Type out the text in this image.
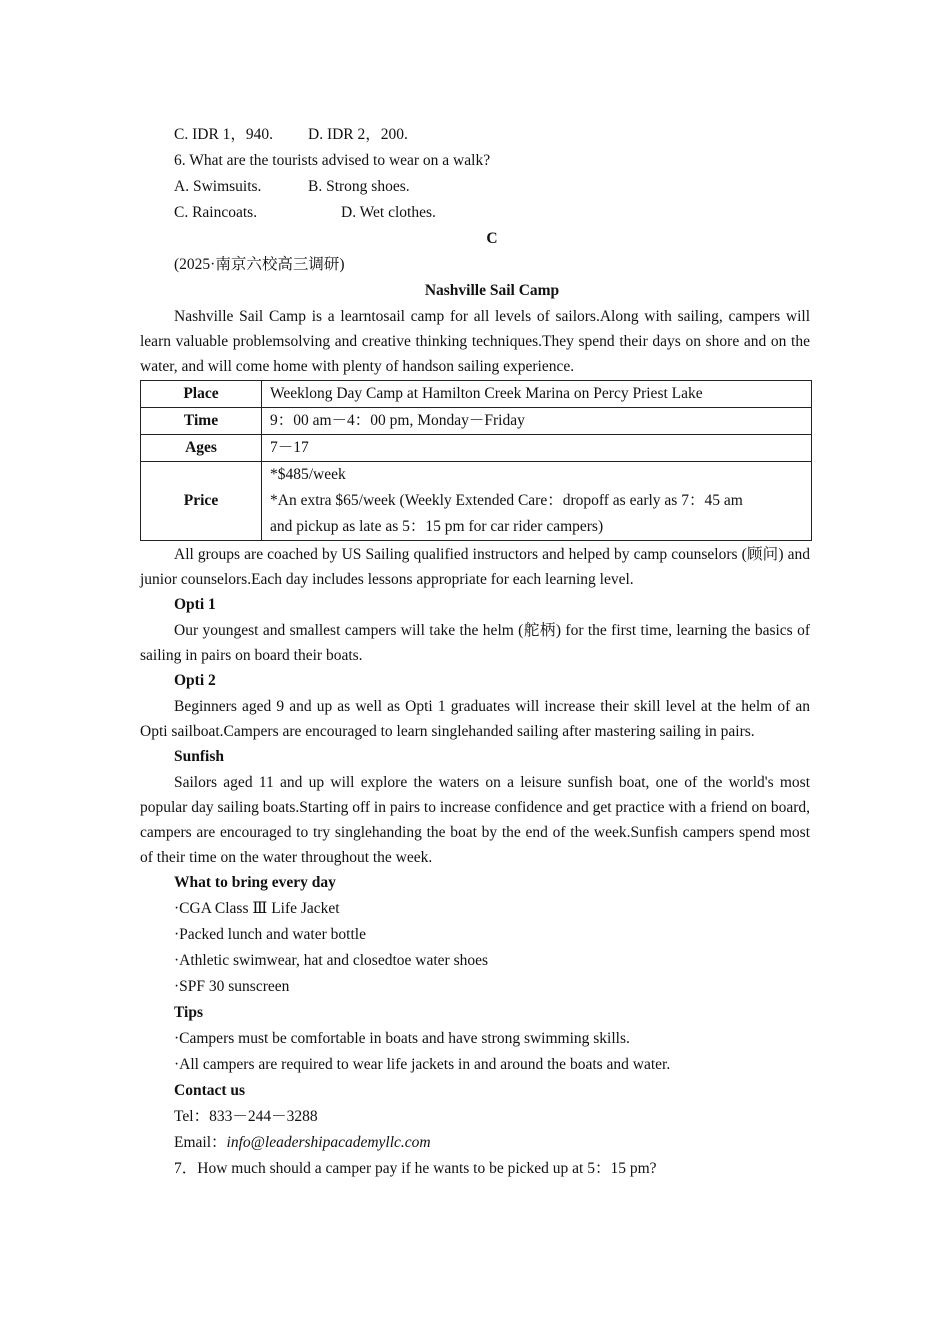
C. IDR 1，940. D. IDR 2，200.
6. What are the tourists advised to wear on a walk?
A. Swimsuits.	B. Strong shoes.
C. Raincoats.	D. Wet clothes.
C
(2025·南京六校高三调研)
Nashville Sail Camp

Nashville Sail Camp is a learntosail camp for all levels of sailors.Along with sailing, campers will learn valuable problemsolving and creative thinking techniques.They spend their days on shore and on the water, and will come home with plenty of handson sailing experience.

Place	Weeklong Day Camp at Hamilton Creek Marina on Percy Priest Lake
Time	9：00 am－4：00 pm, Monday－Friday
Ages	7－17
Price	*$485/week
*An extra $65/week (Weekly Extended Care：dropoff as early as 7：45 am
and pickup as late as 5：15 pm for car rider campers)

All groups are coached by US Sailing qualified instructors and helped by camp counselors (顾问) and junior counselors.Each day includes lessons appropriate for each learning level.

Opti 1

Our youngest and smallest campers will take the helm (舵柄) for the first time, learning the basics of sailing in pairs on board their boats.

Opti 2

Beginners aged 9 and up as well as Opti 1 graduates will increase their skill level at the helm of an Opti sailboat.Campers are encouraged to learn singlehanded sailing after mastering sailing in pairs.

Sunfish

Sailors aged 11 and up will explore the waters on a leisure sunfish boat, one of the world's most popular day sailing boats.Starting off in pairs to increase confidence and get practice with a friend on board, campers are encouraged to try singlehanding the boat by the end of the week.Sunfish campers spend most of their time on the water throughout the week.

What to bring every day
·CGA Class Ⅲ Life Jacket
·Packed lunch and water bottle
·Athletic swimwear, hat and closedtoe water shoes
·SPF 30 sunscreen
Tips
·Campers must be comfortable in boats and have strong swimming skills.
·All campers are required to wear life jackets in and around the boats and water.
Contact us
Tel：833－244－3288
Email：info@leadershipacademyllc.com
7．How much should a camper pay if he wants to be picked up at 5：15 pm?
